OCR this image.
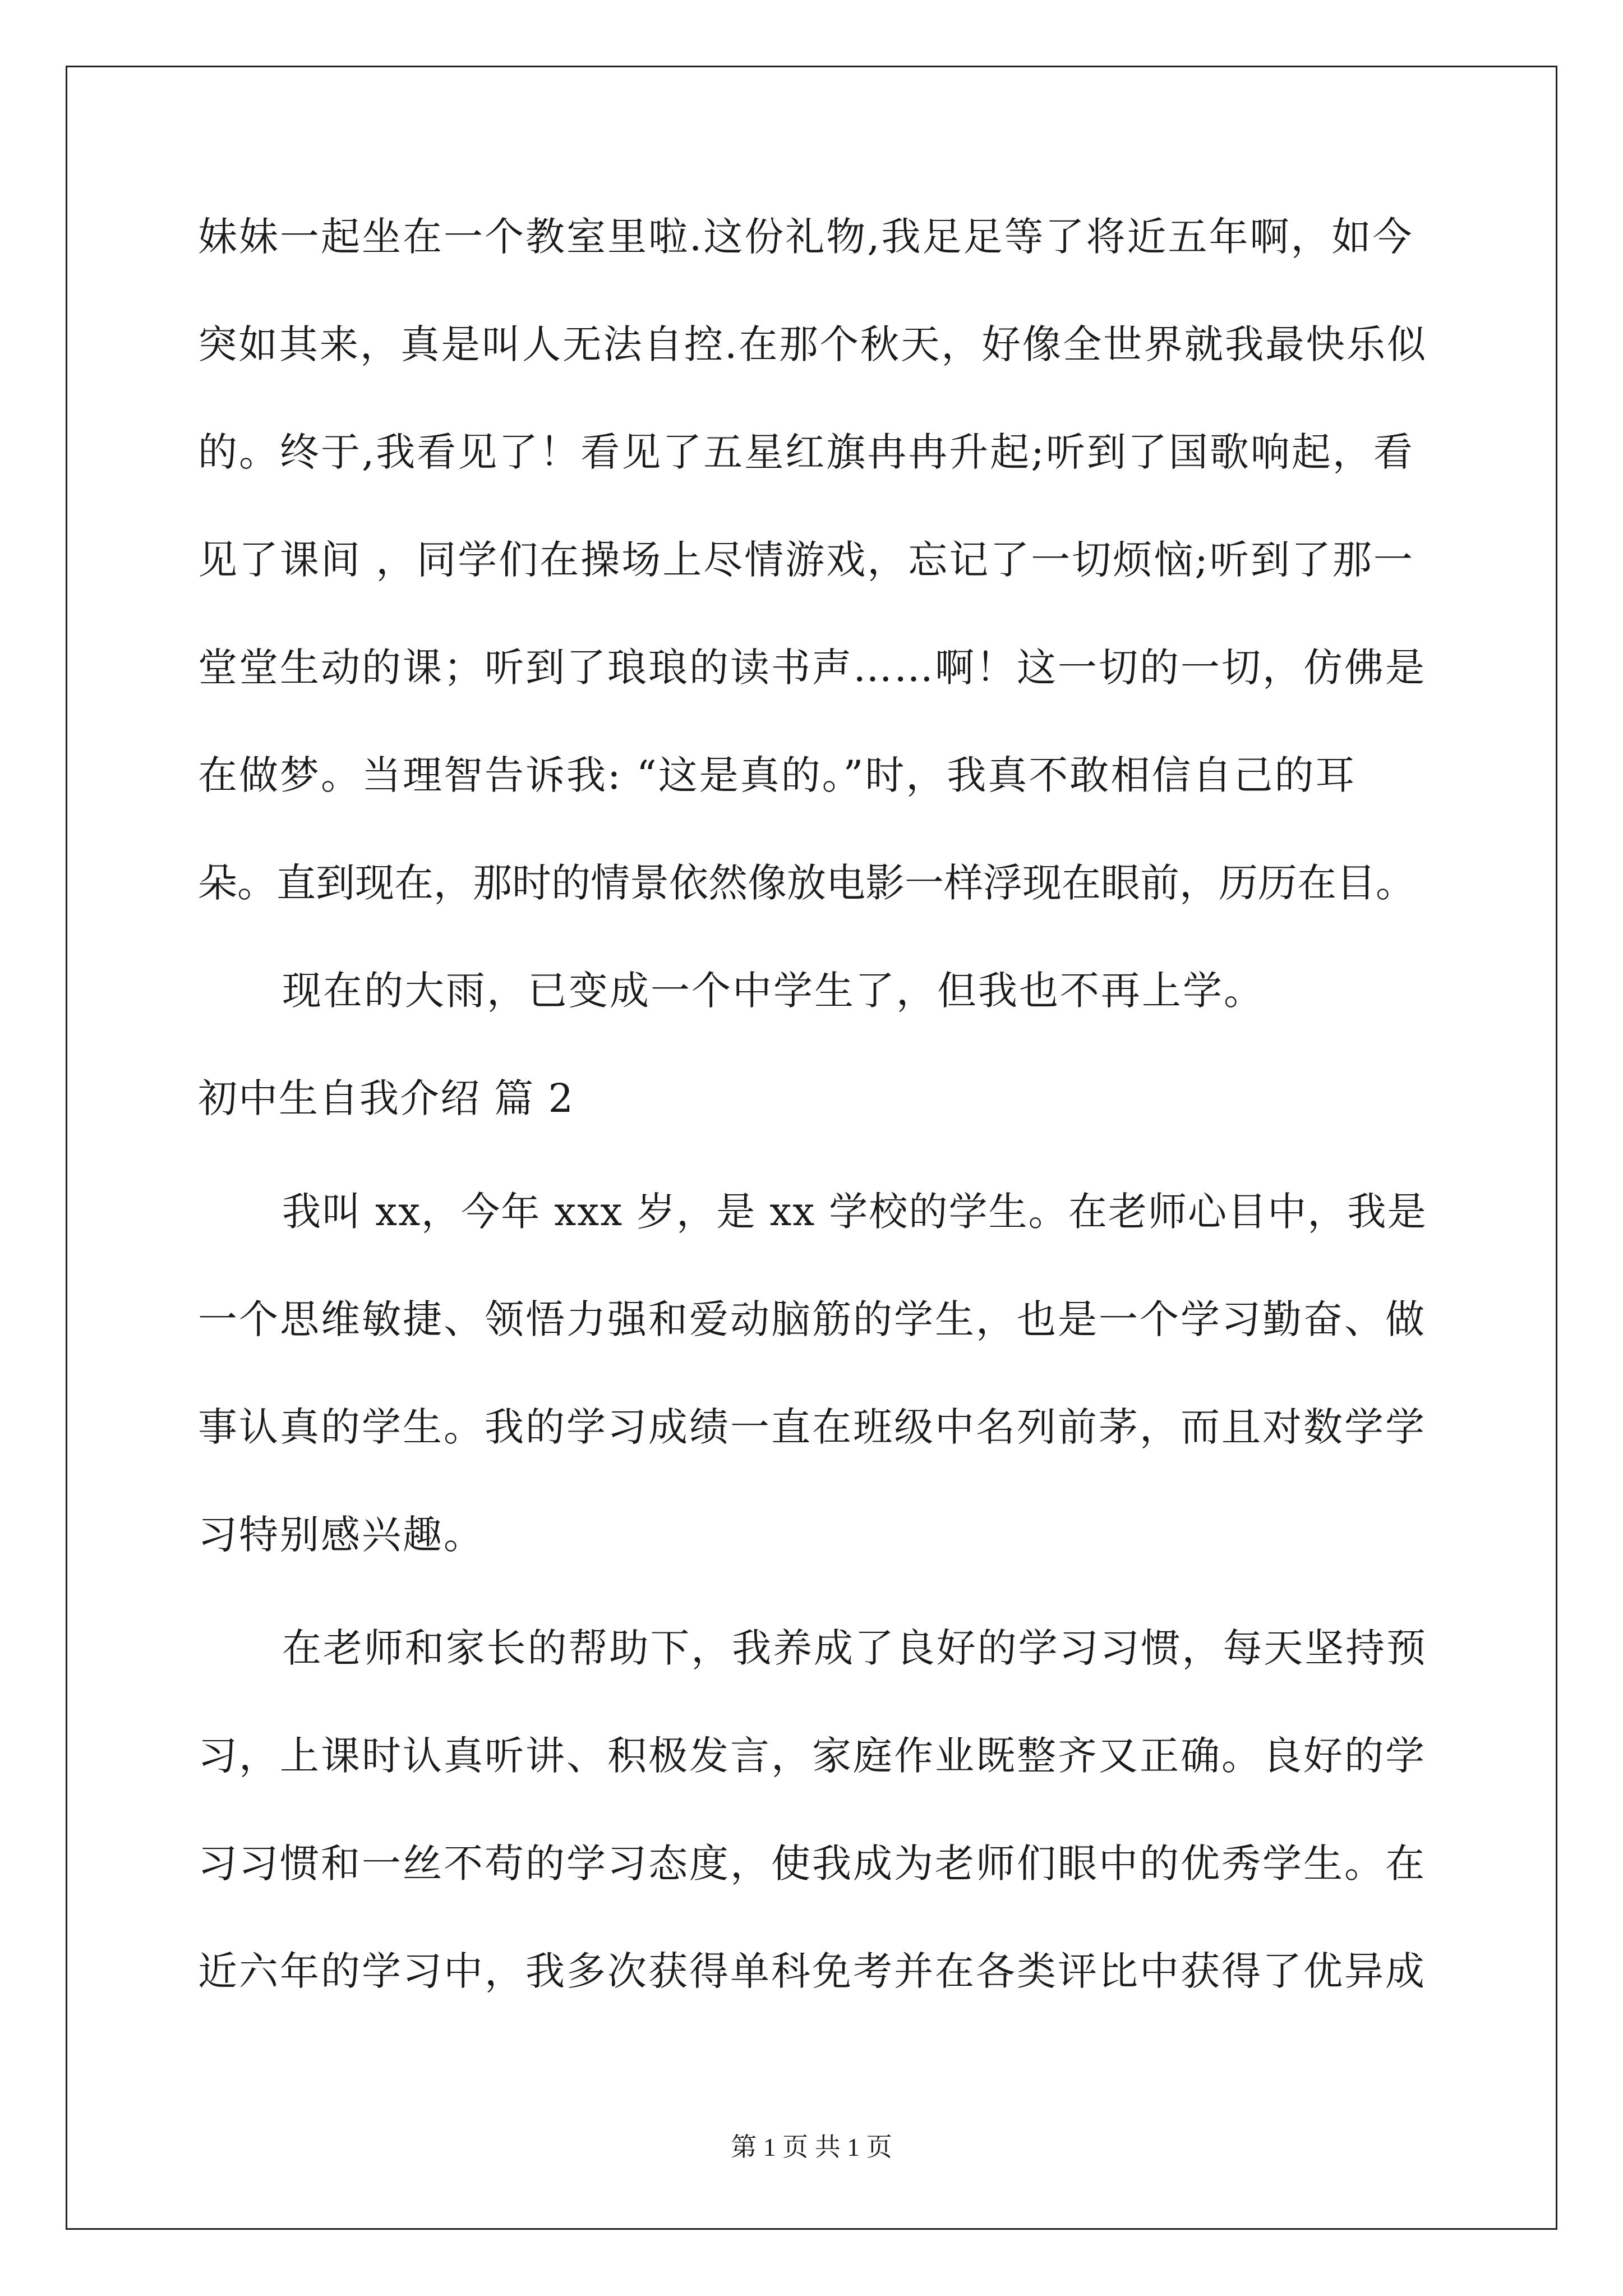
妹妹一起坐在一个教室里啦.这份礼物,我足足等了将近五年啊，如今

突如其来，真是叫人无法自控.在那个秋天，好像全世界就我最快乐似

的。终于,我看见了！看见了五星红旗冉冉升起;听到了国歌响起，看

见了课间 ，同学们在操场上尽情游戏，忘记了一切烦恼;听到了那一

堂堂生动的课；听到了琅琅的读书声……啊！这一切的一切，仿佛是

在做梦。当理智告诉我: “这是真的。”时，我真不敢相信自己的耳

朵。直到现在，那时的情景依然像放电影一样浮现在眼前，历历在目。

现在的大雨，已变成一个中学生了，但我也不再上学。

初中生自我介绍 篇 2

我叫 xx，今年 xxx 岁，是 xx 学校的学生。在老师心目中，我是

一个思维敏捷、领悟力强和爱动脑筋的学生，也是一个学习勤奋、做

事认真的学生。我的学习成绩一直在班级中名列前茅，而且对数学学

习特别感兴趣。

在老师和家长的帮助下，我养成了良好的学习习惯，每天坚持预

习，上课时认真听讲、积极发言，家庭作业既整齐又正确。良好的学

习习惯和一丝不苟的学习态度，使我成为老师们眼中的优秀学生。在

近六年的学习中，我多次获得单科免考并在各类评比中获得了优异成

第 1 页 共 1 页
